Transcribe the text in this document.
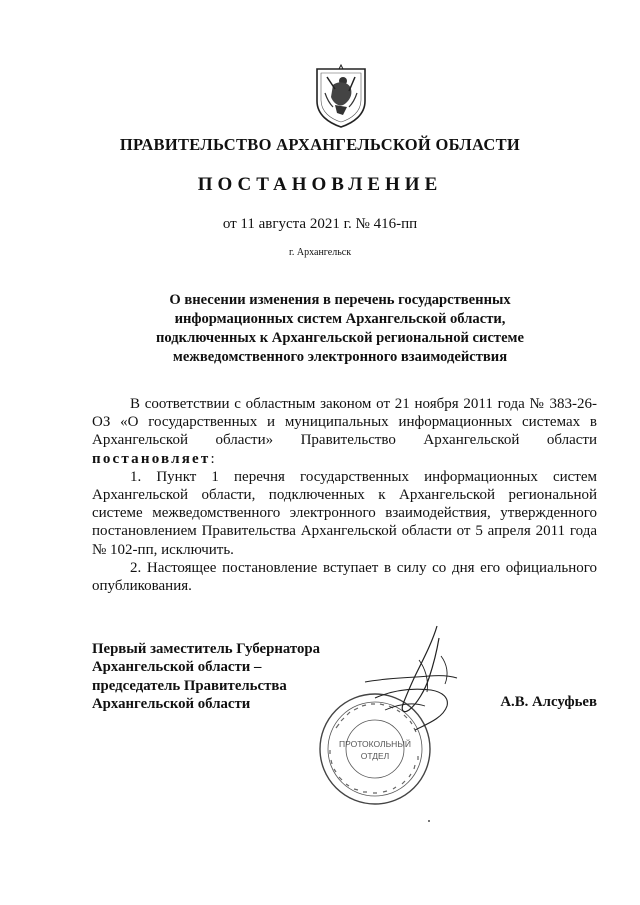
ПРАВИТЕЛЬСТВО АРХАНГЕЛЬСКОЙ ОБЛАСТИ
ПОСТАНОВЛЕНИЕ
от 11 августа 2021 г. № 416-пп
г. Архангельск
О внесении изменения в перечень государственных
информационных систем Архангельской области,
подключенных к Архангельской региональной системе
межведомственного электронного взаимодействия

В соответствии с областным законом от 21 ноября 2011 года № 383-26-ОЗ «О государственных и муниципальных информационных системах в Архангельской области» Правительство Архангельской области постановляет:

1. Пункт 1 перечня государственных информационных систем Архангельской области, подключенных к Архангельской региональной системе межведомственного электронного взаимодействия, утвержденного постановлением Правительства Архангельской области от 5 апреля 2011 года № 102-пп, исключить.

2. Настоящее постановление вступает в силу со дня его официального опубликования.

Первый заместитель Губернатора
Архангельской области –
председатель Правительства
Архангельской области	А.В. Алсуфьев
ПРОТОКОЛЬНЫЙ
ОТДЕЛ
